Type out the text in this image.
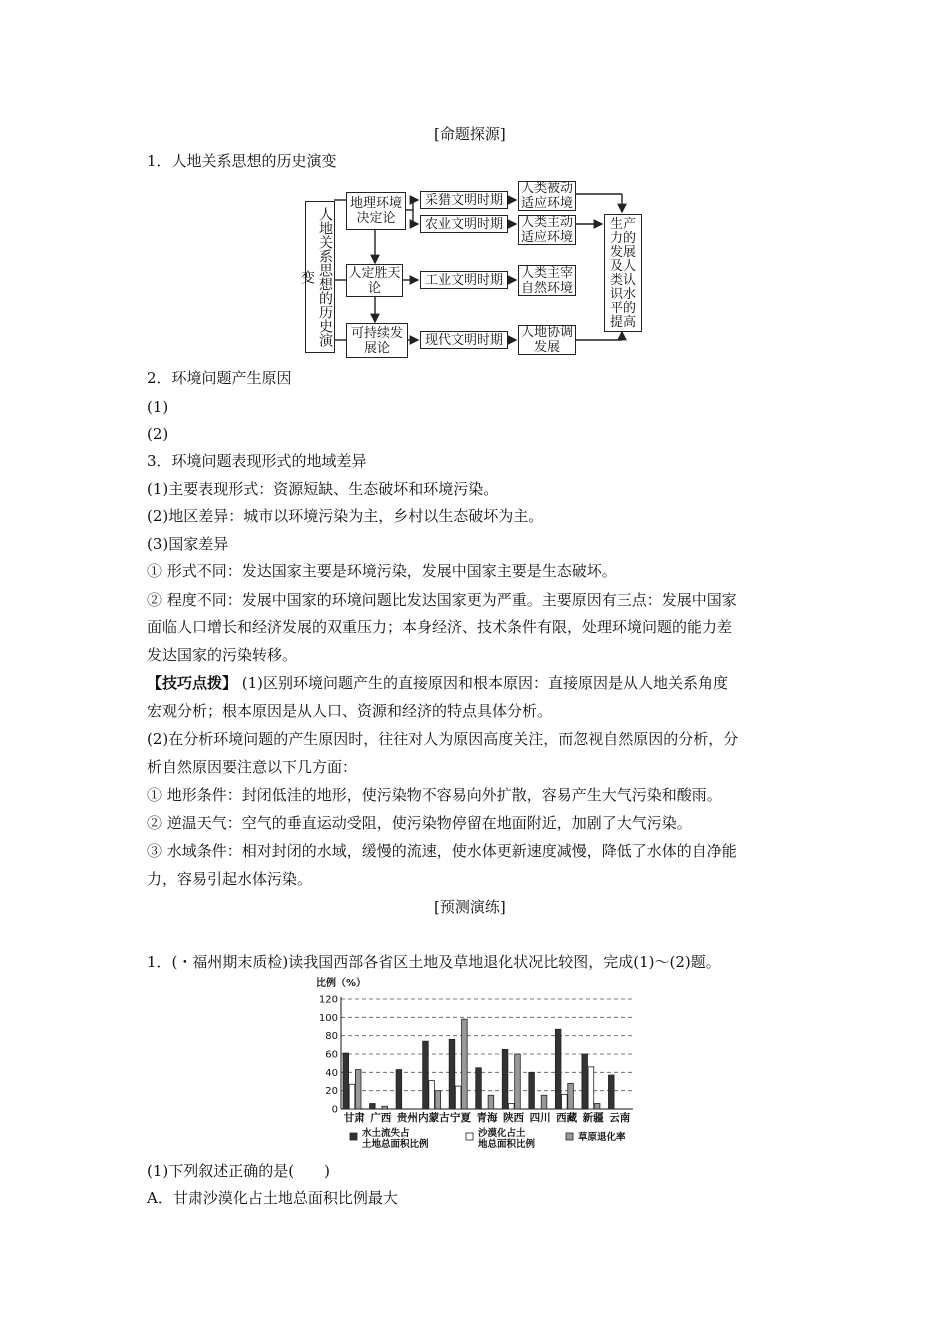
[命题探源]
1．人地关系思想的历史演变
人地关系思想的历史演变
地理环境决定论
人定胜天论
可持续发展论
采猎文明时期
农业文明时期
工业文明时期
现代文明时期
人类被动适应环境
人类主动适应环境
人类主宰自然环境
人地协调发展
生产力的发展及人类认识水平的提高
2．环境问题产生原因
(1)
(2)
3．环境问题表现形式的地域差异
(1)主要表现形式：资源短缺、生态破坏和环境污染。
(2)地区差异：城市以环境污染为主，乡村以生态破坏为主。
(3)国家差异
① 形式不同：发达国家主要是环境污染，发展中国家主要是生态破坏。
② 程度不同：发展中国家的环境问题比发达国家更为严重。主要原因有三点：发展中国家
面临人口增长和经济发展的双重压力；本身经济、技术条件有限，处理环境问题的能力差
发达国家的污染转移。
【技巧点拨】 (1)区别环境问题产生的直接原因和根本原因：直接原因是从人地关系角度
宏观分析；根本原因是从人口、资源和经济的特点具体分析。
(2)在分析环境问题的产生原因时，往往对人为原因高度关注，而忽视自然原因的分析，分
析自然原因要注意以下几方面：
① 地形条件：封闭低洼的地形，使污染物不容易向外扩散，容易产生大气污染和酸雨。
② 逆温天气：空气的垂直运动受阻，使污染物停留在地面附近，加剧了大气污染。
③ 水域条件：相对封闭的水域，缓慢的流速，使水体更新速度减慢，降低了水体的自净能
力，容易引起水体污染。
[预测演练]
1．(・福州期末质检)读我国西部各省区土地及草地退化状况比较图，完成(1)～(2)题。
比例（%）
0
20
40
60
80
100
120
甘肃 广西 贵州 内蒙古 宁夏 青海 陕西 四川 西藏 新疆 云南
水土流失占
土地总面积比例
沙漠化占土
地总面积比例
草原退化率
(1)下列叙述正确的是(　　)
A．甘肃沙漠化占土地总面积比例最大
